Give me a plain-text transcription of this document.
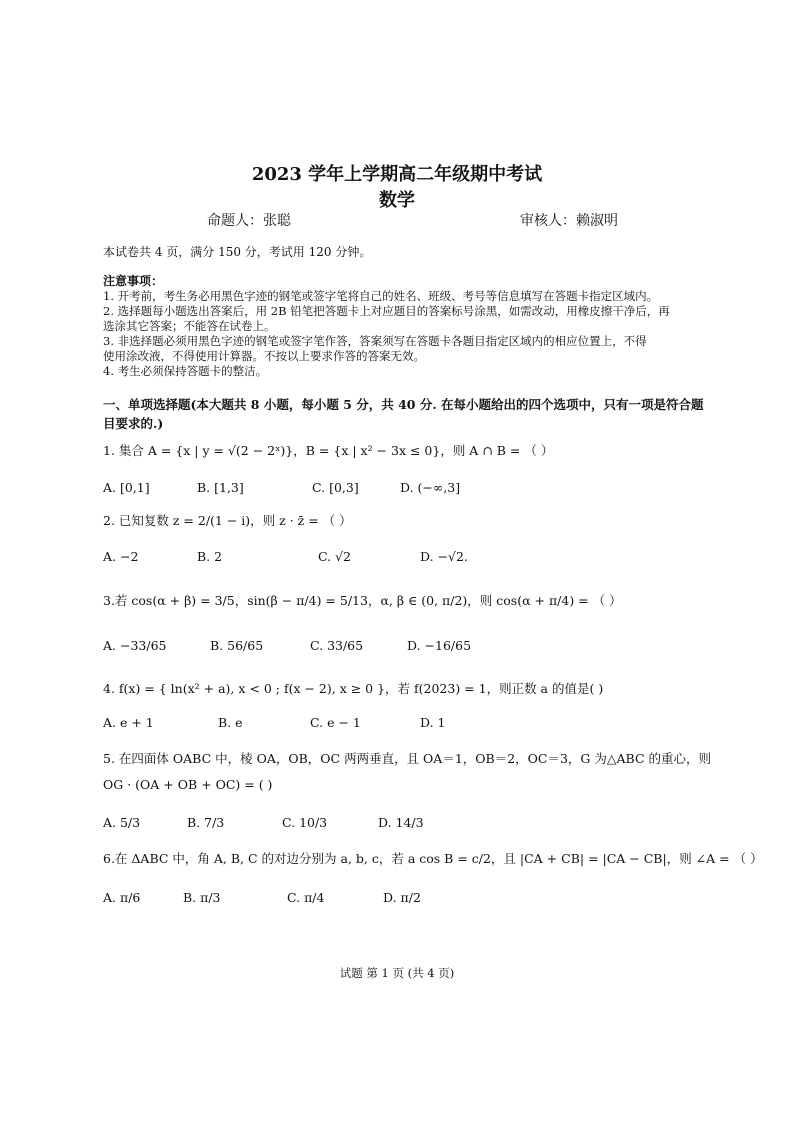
2023 学年上学期高二年级期中考试
数学
命题人：张聪	审核人：赖淑明
本试卷共 4 页，满分 150 分，考试用 120 分钟。
注意事项：
1. 开考前，考生务必用黑色字迹的钢笔或签字笔将自己的姓名、班级、考号等信息填写在答题卡指定区域内。
2. 选择题每小题选出答案后，用 2B 铅笔把答题卡上对应题目的答案标号涂黑，如需改动，用橡皮擦干净后，再
选涂其它答案；不能答在试卷上。
3. 非选择题必须用黑色字迹的钢笔或签字笔作答，答案须写在答题卡各题目指定区域内的相应位置上，不得
使用涂改液，不得使用计算器。不按以上要求作答的答案无效。
4. 考生必须保持答题卡的整洁。
一、单项选择题(本大题共 8 小题，每小题 5 分，共 40 分. 在每小题给出的四个选项中，只有一项是符合题
目要求的.)
1. 集合 A = {x | y = √(2 − 2ˣ)}，B = {x | x² − 3x ≤ 0}，则 A ∩ B = （ ）
A. [0,1]	B. [1,3]	C. [0,3]	D. (−∞,3]
2. 已知复数 z = 2/(1 − i)，则 z · z̄ = （ ）
A. −2	B. 2	C. √2	D. −√2.
3.若 cos(α + β) = 3/5，sin(β − π/4) = 5/13，α, β ∈ (0, π/2)，则 cos(α + π/4) = （ ）
A. −33/65	B. 56/65	C. 33/65	D. −16/65
4. f(x) = { ln(x² + a), x < 0 ; f(x − 2), x ≥ 0 }，若 f(2023) = 1，则正数 a 的值是( )
A. e + 1	B. e	C. e − 1	D. 1
5. 在四面体 OABC 中，棱 OA，OB，OC 两两垂直，且 OA＝1，OB＝2，OC＝3，G 为△ABC 的重心，则
OG · (OA + OB + OC) = ( )
A. 5/3	B. 7/3	C. 10/3	D. 14/3
6.在 ΔABC 中，角 A, B, C 的对边分别为 a, b, c，若 a cos B = c/2，且 |CA + CB| = |CA − CB|，则 ∠A = （ ）
A. π/6	B. π/3	C. π/4	D. π/2
试题 第 1 页 (共 4 页)
